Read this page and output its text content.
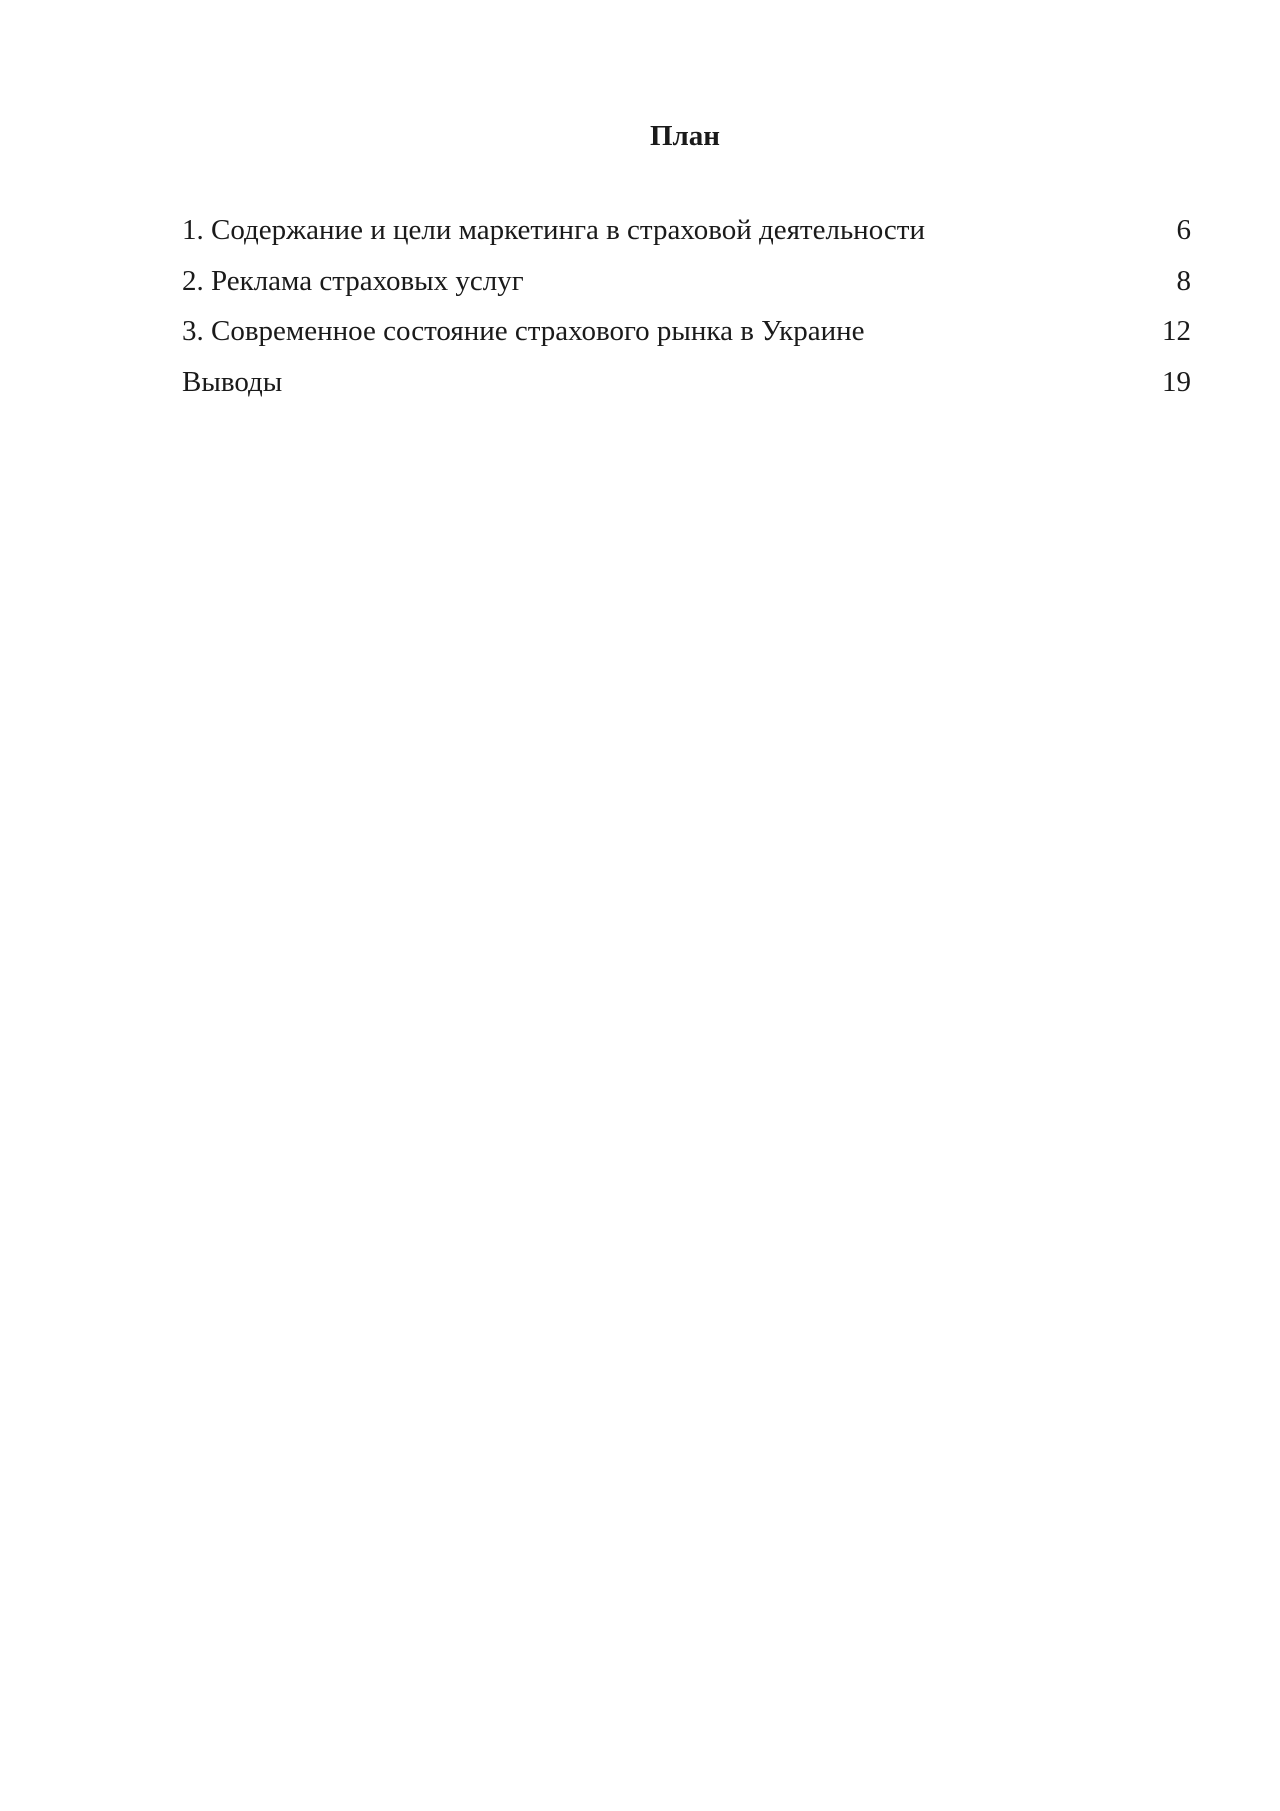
План
1. Содержание и цели маркетинга в страховой деятельности	6
2. Реклама страховых услуг	8
3. Современное состояние страхового рынка в Украине	12
Выводы	19
